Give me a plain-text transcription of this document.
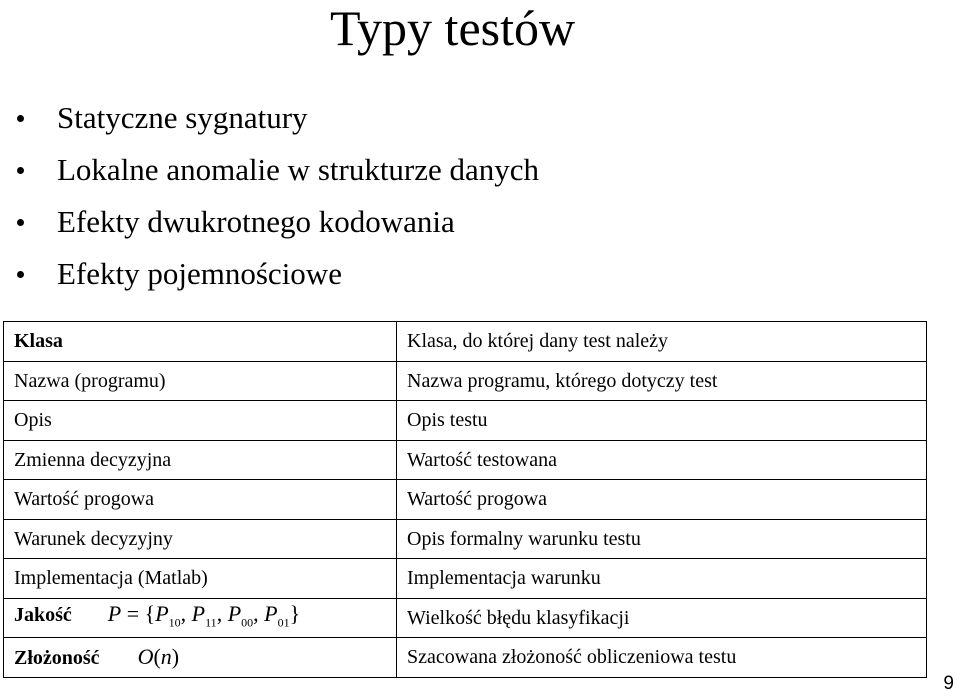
Typy testów
Statyczne sygnatury
Lokalne anomalie w strukturze danych
Efekty dwukrotnego kodowania
Efekty pojemnościowe
Klasa	Klasa, do której dany test należy
Nazwa (programu)	Nazwa programu, którego dotyczy test
Opis	Opis testu
Zmienna decyzyjna	Wartość testowana
Wartość progowa	Wartość progowa
Warunek decyzyjny	Opis formalny warunku testu
Implementacja (Matlab)	Implementacja warunku
Jakość $P = \{P_{10}$, $P_{11}$, $P_{00}$, $P_{01}$}	Wielkość błędu klasyfikacji
Złożoność O(n)	Szacowana złożoność obliczeniowa testu
9
